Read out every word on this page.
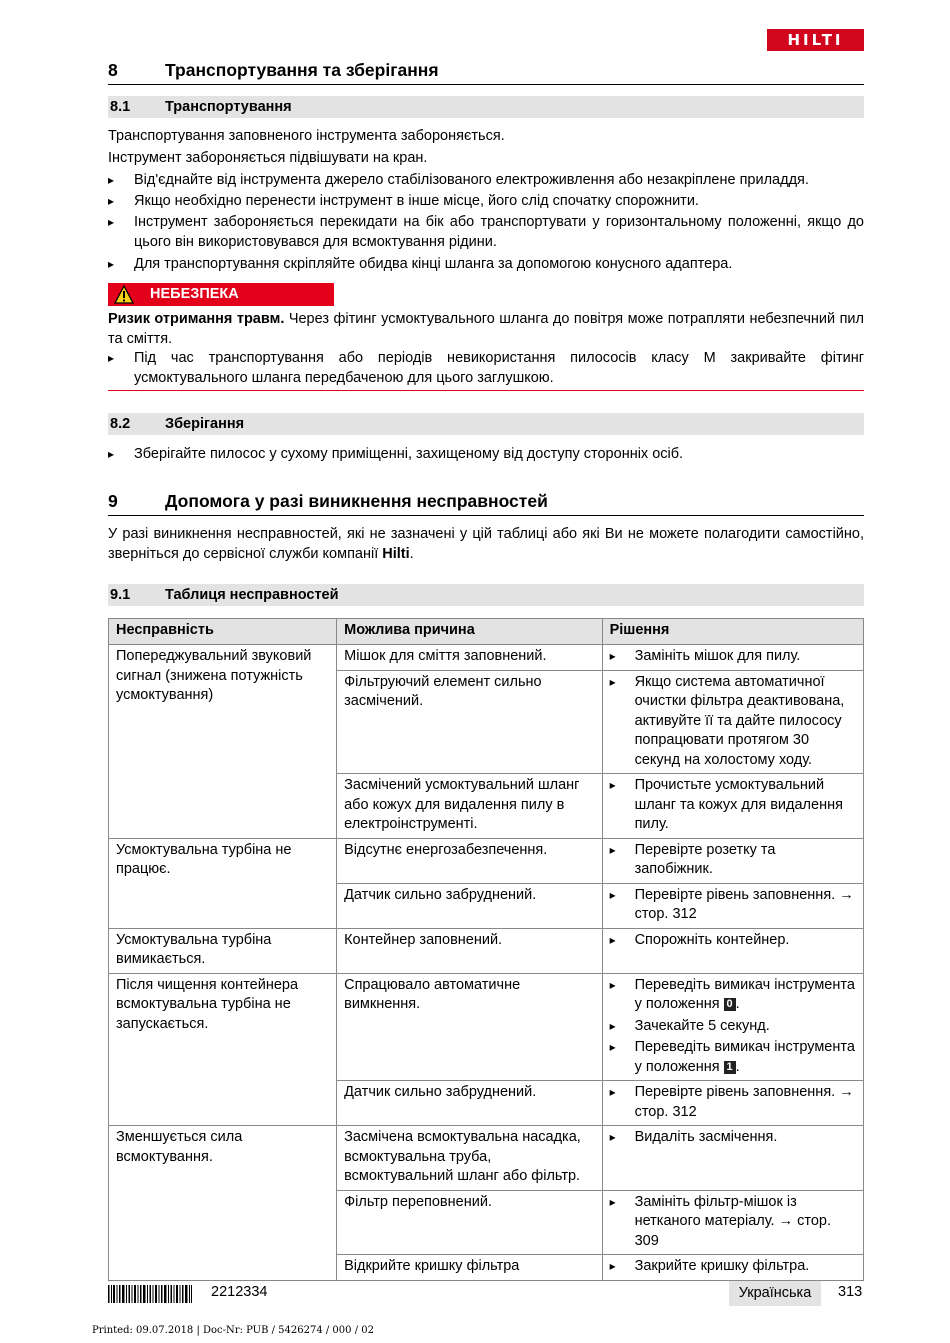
HILTI
8	Транспортування та зберігання
8.1 Транспортування
Транспортування заповненого інструмента забороняється.
Інструмент забороняється підвішувати на кран.
▸ Від'єднайте від інструмента джерело стабілізованого електроживлення або незакріплене приладдя.
▸ Якщо необхідно перенести інструмент в інше місце, його слід спочатку спорожнити.
▸ Інструмент забороняється перекидати на бік або транспортувати у горизонтальному положенні, якщо до цього він використовувався для всмоктування рідини.
▸ Для транспортування скріпляйте обидва кінці шланга за допомогою конусного адаптера.
НЕБЕЗПЕКА
Ризик отримання травм. Через фітинг усмоктувального шланга до повітря може потрапляти небезпечний пил та сміття.
▸ Під час транспортування або періодів невикористання пилососів класу M закривайте фітинг усмоктувального шланга передбаченою для цього заглушкою.
8.2 Зберігання
▸ Зберігайте пилосос у сухому приміщенні, захищеному від доступу сторонніх осіб.
9	Допомога у разі виникнення несправностей
У разі виникнення несправностей, які не зазначені у цій таблиці або які Ви не можете полагодити самостійно, зверніться до сервісної служби компанії Hilti.
9.1 Таблиця несправностей
Несправність	Можлива причина	Рішення
Попереджувальний звуковий сигнал (знижена потужність усмоктування)	Мішок для сміття заповнений.	▸ Замініть мішок для пилу.

	Фільтруючий елемент сильно засмічений.	▸ Якщо система автоматичної очистки фільтра деактивована, активуйте її та дайте пилососу попрацювати протягом 30 секунд на холостому ходу.

	Засмічений усмоктувальний шланг або кожух для видалення пилу в електроінструменті.	▸ Прочистьте усмоктувальний шланг та кожух для видалення пилу.

Усмоктувальна турбіна не працює.	Відсутнє енергозабезпечення.	▸ Перевірте розетку та запобіжник.

	Датчик сильно забруднений.	▸ Перевірте рівень заповнення. → стор. 312

Усмоктувальна турбіна вимикається.	Контейнер заповнений.	▸ Спорожніть контейнер.

Після чищення контейнера всмоктувальна турбіна не запускається.	Спрацювало автоматичне вимкнення.	▸ Переведіть вимикач інструмента у положення 0 .
▸ Зачекайте 5 секунд.
▸ Переведіть вимикач інструмента у положення 1 .

	Датчик сильно забруднений.	▸ Перевірте рівень заповнення. → стор. 312

Зменшується сила всмоктування.	Засмічена всмоктувальна насадка, всмоктувальна труба, всмоктувальний шланг або фільтр.	▸ Видаліть засмічення.

	Фільтр переповнений.	▸ Замініть фільтр-мішок із нетканого матеріалу. → стор. 309

	Відкрийте кришку фільтра	▸ Закрийте кришку фільтра.
2212334	Українська	313
Printed: 09.07.2018 | Doc-Nr: PUB / 5426274 / 000 / 02
